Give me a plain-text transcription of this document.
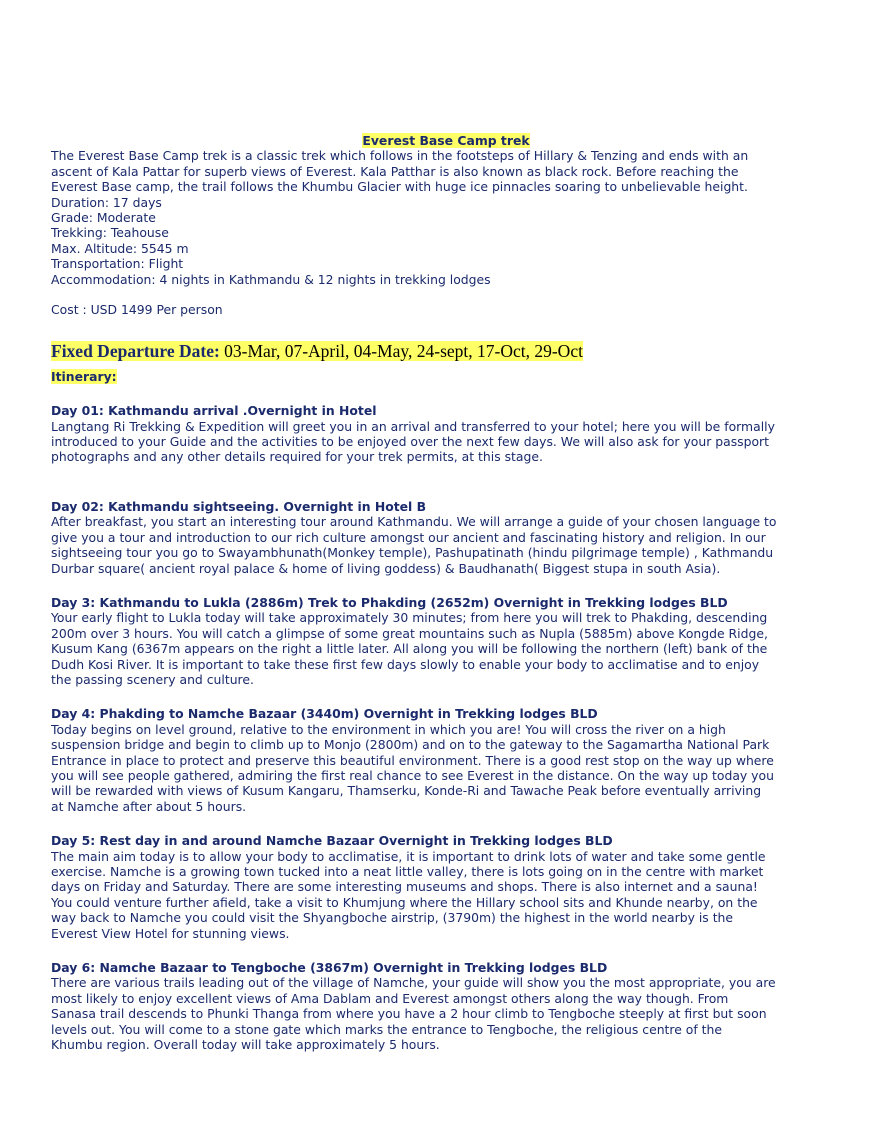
Everest Base Camp trek
The Everest Base Camp trek is a classic trek which follows in the footsteps of Hillary & Tenzing and ends with an
ascent of Kala Pattar for superb views of Everest. Kala Patthar is also known as black rock. Before reaching the
Everest Base camp, the trail follows the Khumbu Glacier with huge ice pinnacles soaring to unbelievable height.
Duration: 17 days
Grade: Moderate
Trekking: Teahouse
Max. Altitude: 5545 m
Transportation: Flight
Accommodation: 4 nights in Kathmandu & 12 nights in trekking lodges
Cost : USD 1499 Per person
Fixed Departure Date: 03-Mar, 07-April, 04-May, 24-sept, 17-Oct, 29-Oct
Itinerary:
Day 01: Kathmandu arrival .Overnight in Hotel
Langtang Ri Trekking & Expedition will greet you in an arrival and transferred to your hotel; here you will be formally
introduced to your Guide and the activities to be enjoyed over the next few days. We will also ask for your passport
photographs and any other details required for your trek permits, at this stage.
Day 02: Kathmandu sightseeing. Overnight in Hotel B
After breakfast, you start an interesting tour around Kathmandu. We will arrange a guide of your chosen language to
give you a tour and introduction to our rich culture amongst our ancient and fascinating history and religion. In our
sightseeing tour you go to Swayambhunath(Monkey temple), Pashupatinath (hindu pilgrimage temple) , Kathmandu
Durbar square( ancient royal palace & home of living goddess) & Baudhanath( Biggest stupa in south Asia).
Day 3: Kathmandu to Lukla (2886m) Trek to Phakding (2652m) Overnight in Trekking lodges BLD
Your early flight to Lukla today will take approximately 30 minutes; from here you will trek to Phakding, descending
200m over 3 hours. You will catch a glimpse of some great mountains such as Nupla (5885m) above Kongde Ridge,
Kusum Kang (6367m appears on the right a little later. All along you will be following the northern (left) bank of the
Dudh Kosi River. It is important to take these first few days slowly to enable your body to acclimatise and to enjoy
the passing scenery and culture.
Day 4: Phakding to Namche Bazaar (3440m) Overnight in Trekking lodges BLD
Today begins on level ground, relative to the environment in which you are! You will cross the river on a high
suspension bridge and begin to climb up to Monjo (2800m) and on to the gateway to the Sagamartha National Park
Entrance in place to protect and preserve this beautiful environment. There is a good rest stop on the way up where
you will see people gathered, admiring the first real chance to see Everest in the distance. On the way up today you
will be rewarded with views of Kusum Kangaru, Thamserku, Konde-Ri and Tawache Peak before eventually arriving
at Namche after about 5 hours.
Day 5: Rest day in and around Namche Bazaar Overnight in Trekking lodges BLD
The main aim today is to allow your body to acclimatise, it is important to drink lots of water and take some gentle
exercise. Namche is a growing town tucked into a neat little valley, there is lots going on in the centre with market
days on Friday and Saturday. There are some interesting museums and shops. There is also internet and a sauna!
You could venture further afield, take a visit to Khumjung where the Hillary school sits and Khunde nearby, on the
way back to Namche you could visit the Shyangboche airstrip, (3790m) the highest in the world nearby is the
Everest View Hotel for stunning views.
Day 6: Namche Bazaar to Tengboche (3867m) Overnight in Trekking lodges BLD
There are various trails leading out of the village of Namche, your guide will show you the most appropriate, you are
most likely to enjoy excellent views of Ama Dablam and Everest amongst others along the way though. From
Sanasa trail descends to Phunki Thanga from where you have a 2 hour climb to Tengboche steeply at first but soon
levels out. You will come to a stone gate which marks the entrance to Tengboche, the religious centre of the
Khumbu region. Overall today will take approximately 5 hours.
